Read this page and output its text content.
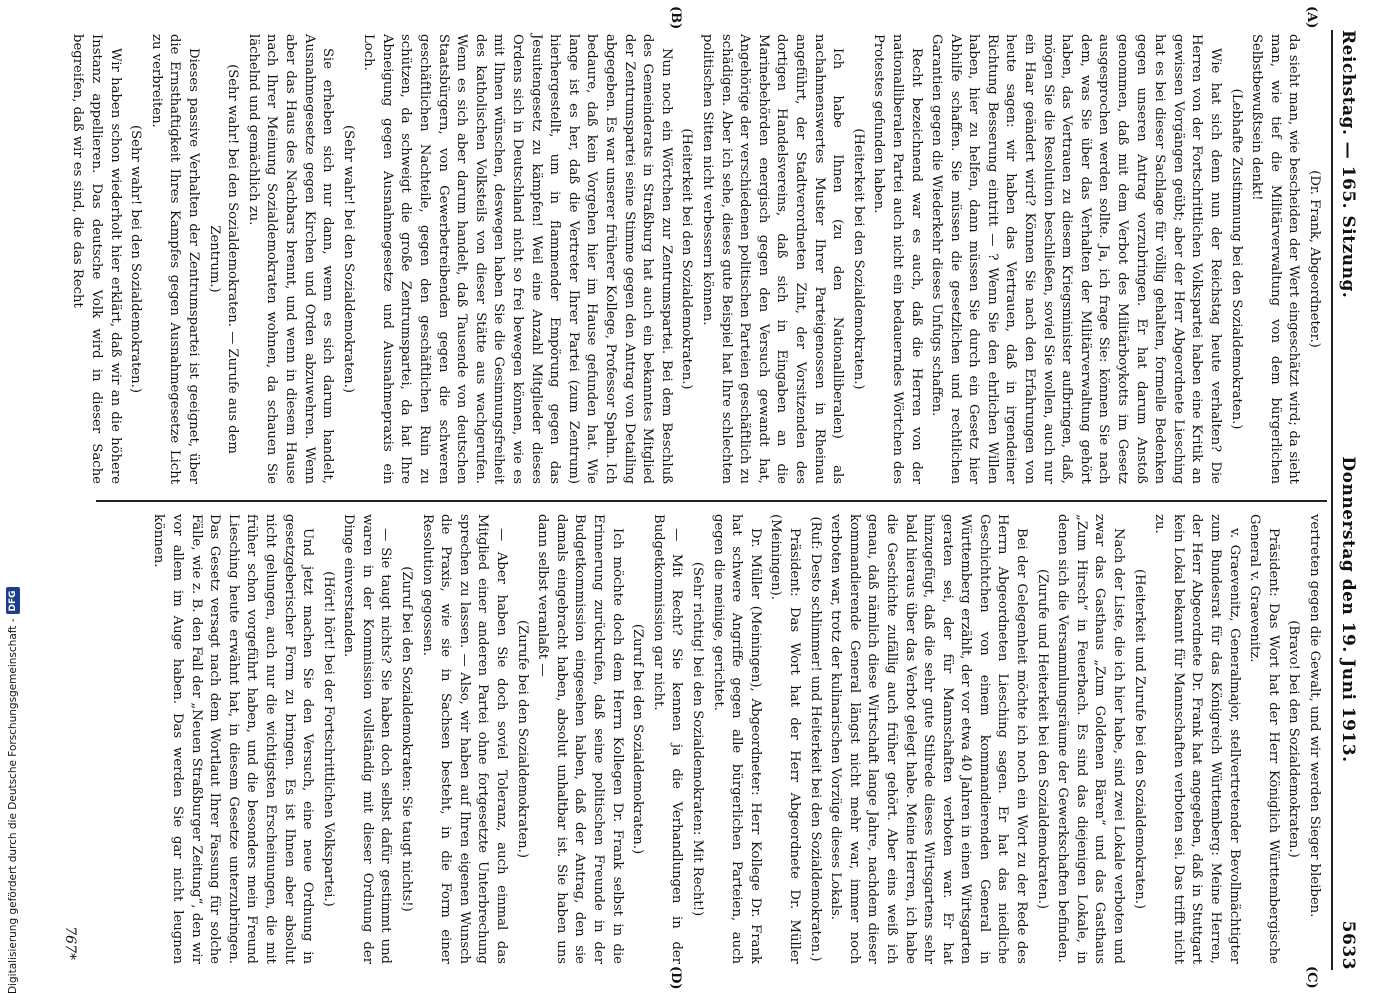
Reichstag. — 165. Sitzung.
Donnerstag den 19. Juni 1913.
5633
(A)
(B)
(C)
(D)

(Dr. Frank, Abgeordneter.)

da sieht man, wie bescheiden der Wert eingeschätzt wird; da sieht man, wie tief die Militärverwaltung von dem bürgerlichen Selbstbewußtsein denkt!

(Lebhafte Zustimmung bei den Sozialdemokraten.)

Wie hat sich denn nun der Reichstag heute verhalten? Die Herren von der Fortschrittlichen Volkspartei haben eine Kritik an gewissen Vorgängen geübt; aber der Herr Abgeordnete Liesching hat es bei dieser Sachlage für völlig gehalten, formelle Bedenken gegen unseren Antrag vorzubringen. Er hat darum Anstoß genommen, daß mit dem Verbot des Militärboykotts im Gesetz ausgesprochen werden sollte. Ja, ich frage Sie: können Sie nach dem, was Sie über das Verhalten der Militärverwaltung gehört haben, das Vertrauen zu diesem Kriegsminister aufbringen, daß, mögen Sie die Resolution beschließen, soviel Sie wollen, auch nur ein Haar geändert wird? Können Sie nach den Erfahrungen von heute sagen: wir haben das Vertrauen, daß in irgendeiner Richtung Besserung eintritt — ? Wenn Sie den ehrlichen Willen haben, hier zu helfen, dann müssen Sie durch ein Gesetz hier Abhilfe schaffen. Sie müssen die gesetzlichen und rechtlichen Garantien gegen die Wiederkehr dieses Unfugs schaffen.

Recht bezeichnend war es auch, daß die Herren von der nationalliberalen Partei auch nicht ein bedauerndes Wörtchen des Protestes gefunden haben.

(Heiterkeit bei den Sozialdemokraten.)

Ich habe Ihnen (zu den Nationalliberalen) als nachahmenswertes Muster Ihrer Parteigenossen in Rheinau angeführt, der Stadtverordneten Zint, der Vorsitzenden des dortigen Handelsvereins, daß sich in Eingaben an die Marinebehörden energisch gegen den Versuch gewandt hat, Angehörige der verschiedenen politischen Parteien geschäftlich zu schädigen. Aber ich sehe, dieses gute Beispiel hat Ihre schlechten politischen Sitten nicht verbessern können.

(Heiterkeit bei den Sozialdemokraten.)

Nun noch ein Wörtchen zur Zentrumspartei. Bei dem Beschluß des Gemeinderats in Straßburg hat auch ein bekanntes Mitglied der Zentrumspartei seine Stimme gegen den Antrag von Detailing abgegeben. Es war unserer früherer Kollege, Professor Spahn. Ich bedaure, daß kein Vorgehen hier im Hause gefunden hat. Wie lange ist es her, daß die Vertreter Ihrer Partei (zum Zentrum) hierhergestellt, um in flammender Empörung gegen das Jesuitengesetz zu kämpfen! Weil eine Anzahl Mitglieder dieses Ordens sich in Deutschland nicht so frei bewegen können, wie es mit Ihnen wünschen, deswegen haben Sie die Gesinnungsfreiheit des katholischen Volksteils von dieser Stätte aus wachgerufen. Wenn es sich aber darum handelt, daß Tausende von deutschen Staatsbürgern, von Gewerbetreibenden gegen die schweren geschäftlichen Nachteile, gegen den geschäftlichen Ruin zu schützen, da schweigt die große Zentrumspartei, da hat Ihre Abneigung gegen Ausnahmegesetze und Ausnahmepraxis ein Loch.

(Sehr wahr! bei den Sozialdemokraten.)

Sie erheben sich nur dann, wenn es sich darum handelt, Ausnahmegesetze gegen Kirchen und Orden abzuwehren. Wenn aber das Haus des Nachbars brennt, und wenn in diesem Hause nach Ihrer Meinung Sozialdemokraten wohnen, da schauen Sie lächelnd und gemächlich zu.

(Sehr wahr! bei den Sozialdemokraten. — Zurufe aus dem Zentrum.)

Dieses passive Verhalten der Zentrumspartei ist geeignet, über die Ernsthaftigkeit Ihres Kampfes gegen Ausnahmegesetze Licht zu verbreiten.

(Sehr wahr! bei den Sozialdemokraten.)

Wir haben schon wiederholt hier erklärt, daß wir an die höhere Instanz appellieren. Das deutsche Volk wird in dieser Sache begreifen, daß wir es sind, die das Recht

vertreten gegen die Gewalt, und wir werden Sieger bleiben.

(Bravo! bei den Sozialdemokraten.)

Präsident: Das Wort hat der Herr Königlich Württembergische General v. Graevenitz.

v. Graevenitz, Generalmajor, stellvertretender Bevollmächtigter zum Bundesrat für das Königreich Württemberg: Meine Herren, der Herr Abgeordnete Dr. Frank hat angegeben, daß in Stuttgart kein Lokal bekannt für Mannschaften verboten sei. Das trifft nicht zu.

(Heiterkeit und Zurufe bei den Sozialdemokraten.)

Nach der Liste, die ich hier habe, sind zwei Lokale verboten und zwar das Gasthaus „Zum Goldenen Bären“ und das Gasthaus „Zum Hirsch“ in Feuerbach. Es sind das diejenigen Lokale, in denen sich die Versammlungsräume der Gewerkschaften befinden.

(Zurufe und Heiterkeit bei den Sozialdemokraten.)

Bei der Gelegenheit möchte ich noch ein Wort zu der Rede des Herrn Abgeordneten Liesching sagen. Er hat das niedliche Geschichtchen von einem kommandierenden General in Württemberg erzählt, der vor etwa 40 Jahren in einen Wirtsgarten geraten sei, der für Mannschaften verboten war. Er hat hinzugefügt, daß die sehr gute Stilrede dieses Wirtsgartens sehr bald hieraus über das Verbot gelegt habe. Meine Herren, ich habe die Geschichte zufällig auch früher gehört. Aber eins weiß ich genau, daß nämlich diese Wirtschaft lange Jahre, nachdem dieser kommandierende General längst nicht mehr war, immer noch verboten war, trotz der kulinarischen Vorzüge dieses Lokals.

(Ruf: Desto schlimmer! und Heiterkeit bei den Sozialdemokraten.)

Präsident: Das Wort hat der Herr Abgeordnete Dr. Müller (Meiningen).

Dr. Müller (Meiningen), Abgeordneter: Herr Kollege Dr. Frank hat schwere Angriffe gegen alle bürgerlichen Parteien, auch gegen die meinige, gerichtet.

(Sehr richtig! bei den Sozialdemokraten: Mit Recht!)

— Mit Recht? Sie kennen ja die Verhandlungen in der Budgetkommission gar nicht.

(Zuruf bei den Sozialdemokraten.)

Ich möchte doch dem Herrn Kollegen Dr. Frank selbst in die Erinnerung zurückrufen, daß seine politischen Freunde in der Budgetkommission eingesehen haben, daß der Antrag, den sie damals eingebracht haben, absolut unhaltbar ist. Sie haben uns dann selbst veranlaßt —

(Zurufe bei den Sozialdemokraten.)

— Aber haben Sie doch soviel Toleranz, auch einmal das Mitglied einer anderen Partei ohne fortgesetzte Unterbrechung sprechen zu lassen. — Also, wir haben auf Ihren eigenen Wunsch die Praxis, wie sie in Sachsen besteht, in die Form einer Resolution gegossen.

(Zuruf bei den Sozialdemokraten: Sie taugt nichts!)

— Sie taugt nichts? Sie haben doch selbst dafür gestimmt und waren in der Kommission vollständig mit dieser Ordnung der Dinge einverstanden.

(Hört! hört! bei der Fortschrittlichen Volkspartei.)

Und jetzt machen Sie den Versuch, eine neue Ordnung in gesetzgeberischer Form zu bringen. Es ist Ihnen aber absolut nicht gelungen, auch nur die wichtigsten Erscheinungen, die mit früher schon vorgeführt haben, und die besonders mein Freund Liesching heute erwähnt hat, in diesem Gesetze unterzubringen. Das Gesetz versagt nach dem Wortlaut Ihrer Fassung für solche Fälle, wie z. B. den Fall der „Neuen Straßburger Zeitung“, den wir vor allem im Auge haben. Das werden Sie gar nicht leugnen können.

767*
Digitalisierung gefördert durch die Deutsche Forschungsgemeinschaft -
DFG
